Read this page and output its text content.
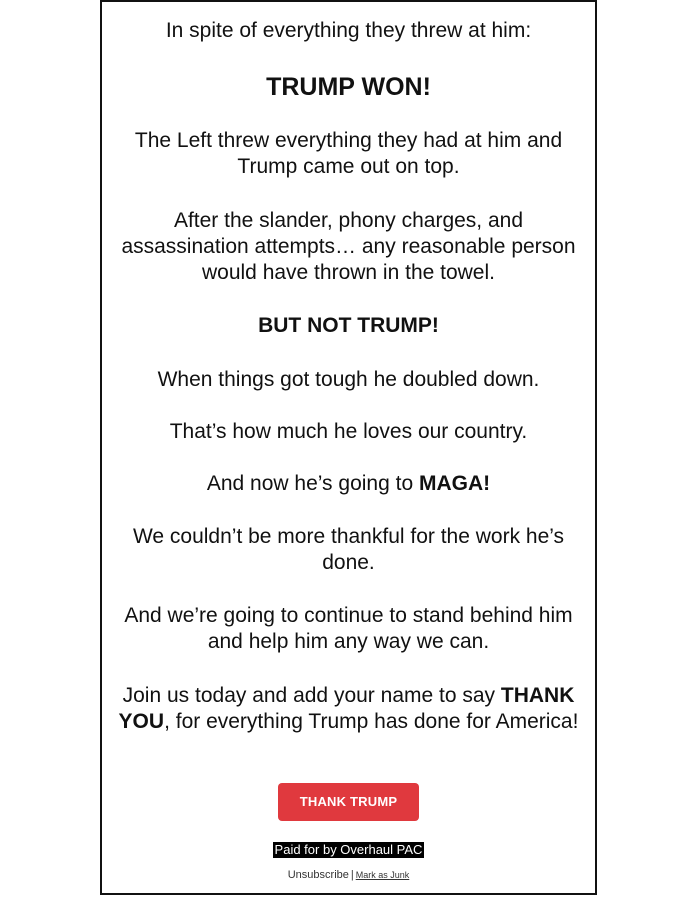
In spite of everything they threw at him:

TRUMP WON!

The Left threw everything they had at him and Trump came out on top.

After the slander, phony charges, and assassination attempts… any reasonable person would have thrown in the towel.

BUT NOT TRUMP!

When things got tough he doubled down.

That’s how much he loves our country.

And now he’s going to MAGA!

We couldn’t be more thankful for the work he’s done.

And we’re going to continue to stand behind him and help him any way we can.

Join us today and add your name to say THANK YOU, for everything Trump has done for America!

THANK TRUMP
Paid for by Overhaul PAC
Unsubscribe | Mark as Junk
